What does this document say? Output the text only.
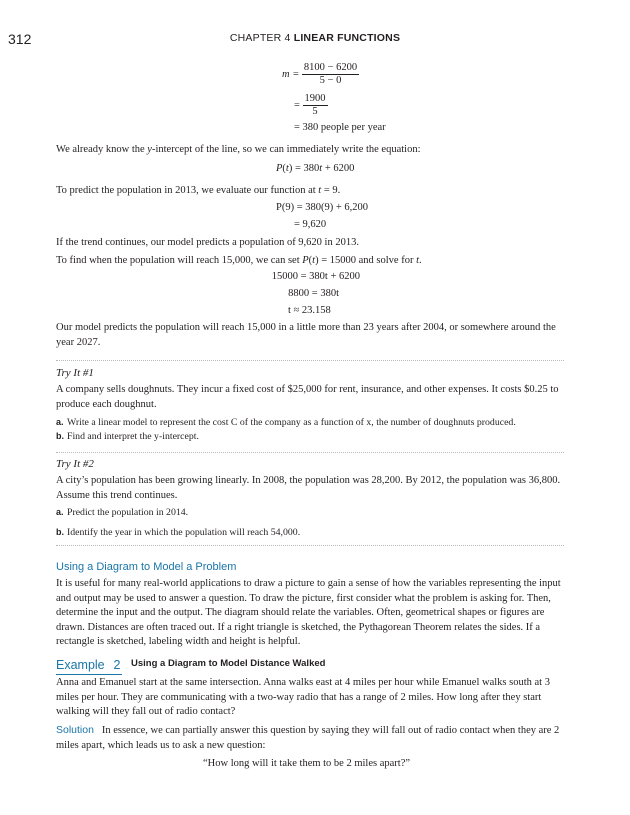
312	CHAPTER 4 LINEAR FUNCTIONS
$m = \frac{8100 - 6200}{5 - 0}$
= $\frac{1900}{5}$
= 380 people per year
We already know the y-intercept of the line, so we can immediately write the equation:
P(t) = 380t + 6200
To predict the population in 2013, we evaluate our function at t = 9.
P(9) = 380(9) + 6,200
= 9,620
If the trend continues, our model predicts a population of 9,620 in 2013.
To find when the population will reach 15,000, we can set P(t) = 15000 and solve for t.
15000 = 380t + 6200
8800 = 380t
t ≈ 23.158
Our model predicts the population will reach 15,000 in a little more than 23 years after 2004, or somewhere around the year 2027.
Try It #1
A company sells doughnuts. They incur a fixed cost of $25,000 for rent, insurance, and other expenses. It costs $0.25 to produce each doughnut.
a. Write a linear model to represent the cost C of the company as a function of x, the number of doughnuts produced.
b. Find and interpret the y-intercept.
Try It #2
A city’s population has been growing linearly. In 2008, the population was 28,200. By 2012, the population was 36,800. Assume this trend continues.
a. Predict the population in 2014.
b. Identify the year in which the population will reach 54,000.
Using a Diagram to Model a Problem
It is useful for many real-world applications to draw a picture to gain a sense of how the variables representing the input and output may be used to answer a question. To draw the picture, first consider what the problem is asking for. Then, determine the input and the output. The diagram should relate the variables. Often, geometrical shapes or figures are drawn. Distances are often traced out. If a right triangle is sketched, the Pythagorean Theorem relates the sides. If a rectangle is sketched, labeling width and height is helpful.
Example 2 Using a Diagram to Model Distance Walked
Anna and Emanuel start at the same intersection. Anna walks east at 4 miles per hour while Emanuel walks south at 3 miles per hour. They are communicating with a two-way radio that has a range of 2 miles. How long after they start walking will they fall out of radio contact?
Solution In essence, we can partially answer this question by saying they will fall out of radio contact when they are 2 miles apart, which leads us to ask a new question:
“How long will it take them to be 2 miles apart?”
